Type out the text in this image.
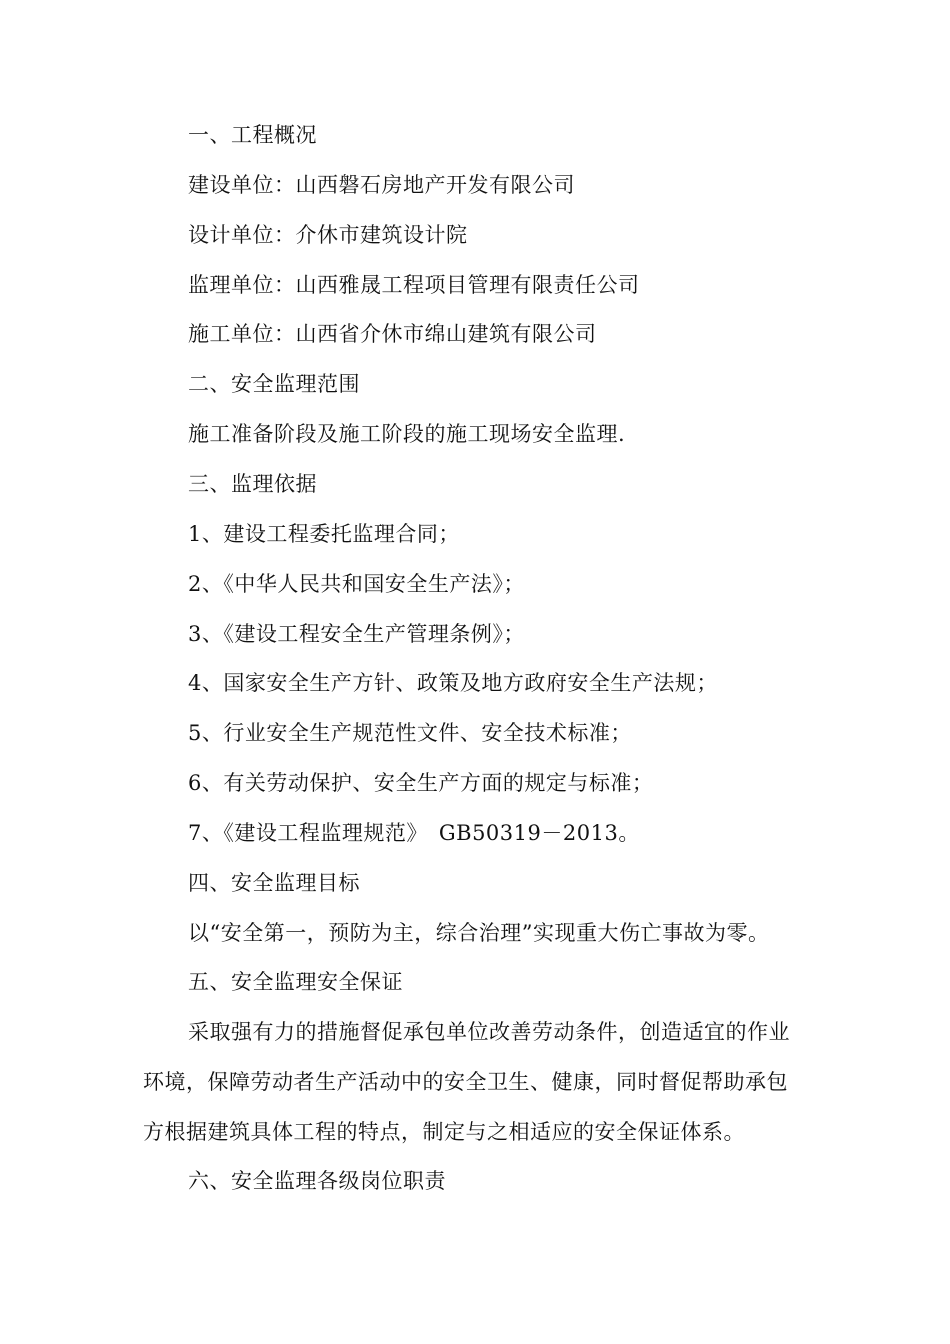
一、工程概况
建设单位：山西磐石房地产开发有限公司
设计单位：介休市建筑设计院
监理单位：山西雅晟工程项目管理有限责任公司
施工单位：山西省介休市绵山建筑有限公司
二、安全监理范围
施工准备阶段及施工阶段的施工现场安全监理.
三、监理依据
1、建设工程委托监理合同；
2、《中华人民共和国安全生产法》；
3、《建设工程安全生产管理条例》；
4、国家安全生产方针、政策及地方政府安全生产法规；
5、行业安全生产规范性文件、安全技术标准；
6、有关劳动保护、安全生产方面的规定与标准；
7、《建设工程监理规范》　GB50319－2013。
四、安全监理目标
以“安全第一，预防为主，综合治理”实现重大伤亡事故为零。
五、安全监理安全保证
采取强有力的措施督促承包单位改善劳动条件，创造适宜的作业
环境，保障劳动者生产活动中的安全卫生、健康，同时督促帮助承包
方根据建筑具体工程的特点，制定与之相适应的安全保证体系。
六、安全监理各级岗位职责
